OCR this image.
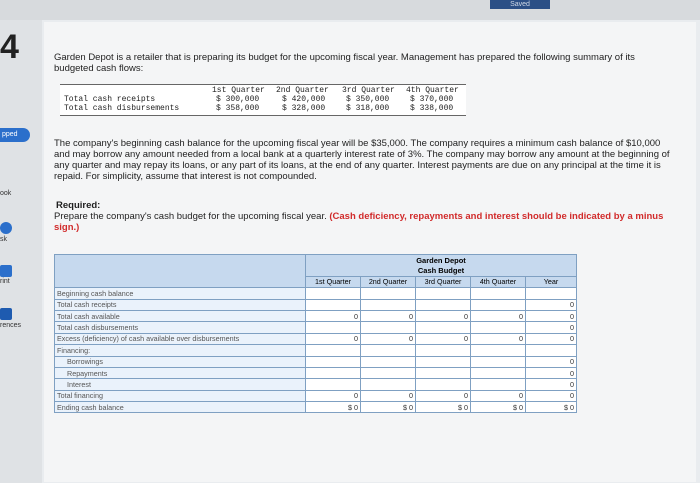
Saved
4
pped
ook
sk
rint
rences
Garden Depot is a retailer that is preparing its budget for the upcoming fiscal year. Management has prepared the following summary of its budgeted cash flows:
1st Quarter 2nd Quarter 3rd Quarter 4th Quarter
Total cash receipts	$ 300,000	$ 420,000	$ 350,000	$ 370,000
Total cash disbursements	$ 358,000	$ 328,000	$ 318,000	$ 338,000
The company's beginning cash balance for the upcoming fiscal year will be $35,000. The company requires a minimum cash balance of $10,000 and may borrow any amount needed from a local bank at a quarterly interest rate of 3%. The company may borrow any amount at the beginning of any quarter and may repay its loans, or any part of its loans, at the end of any quarter. Interest payments are due on any principal at the time it is repaid. For simplicity, assume that interest is not compounded.
Required:
Prepare the company's cash budget for the upcoming fiscal year. (Cash deficiency, repayments and interest should be indicated by a minus sign.)
	Garden Depot				
	Cash Budget				
	1st Quarter	2nd Quarter	3rd Quarter	4th Quarter	Year
Beginning cash balance					
Total cash receipts					0
Total cash available	0	0	0	0	0
Total cash disbursements					0
Excess (deficiency) of cash available over disbursements	0	0	0	0	0
Financing:					
Borrowings					0
Repayments					0
Interest					0
Total financing	0	0	0	0	0
Ending cash balance	$ 0	$ 0	$ 0	$ 0	$ 0
